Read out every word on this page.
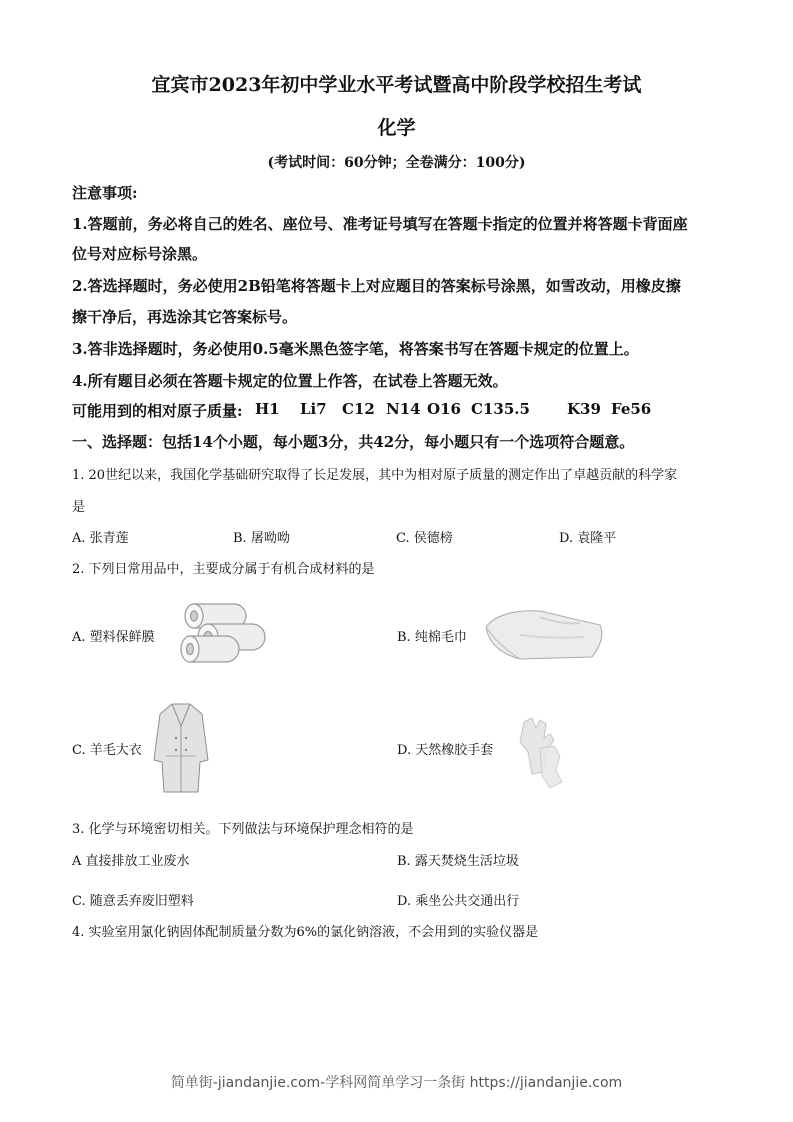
宜宾市2023年初中学业水平考试暨高中阶段学校招生考试
化学
(考试时间：60分钟；全卷满分：100分)
注意事项:
1.答题前，务必将自己的姓名、座位号、准考证号填写在答题卡指定的位置并将答题卡背面座
位号对应标号涂黑。
2.答选择题时，务必使用2B铅笔将答题卡上对应题目的答案标号涂黑，如雪改动，用橡皮擦
擦干净后，再选涂其它答案标号。
3.答非选择题时，务必使用0.5毫米黑色签字笔，将答案书写在答题卡规定的位置上。
4.所有题目必须在答题卡规定的位置上作答，在试卷上答题无效。
可能用到的相对原子质量: H1 Li7 C12 N14 O16 C135.5 K39 Fe56
一、选择题：包括14个小题，每小题3分，共42分，每小题只有一个选项符合题意。
1. 20世纪以来，我国化学基础研究取得了长足发展，其中为相对原子质量的测定作出了卓越贡献的科学家
是
A. 张青莲	B. 屠呦呦	C. 侯德榜	D. 袁隆平
2. 下列日常用品中，主要成分属于有机合成材料的是
A. 塑料保鲜膜	B. 纯棉毛巾
C. 羊毛大衣	D. 天然橡胶手套
3. 化学与环境密切相关。下列做法与环境保护理念相符的是
A 直接排放工业废水	B. 露天焚烧生活垃圾
C. 随意丢弃废旧塑料	D. 乘坐公共交通出行
4. 实验室用氯化钠固体配制质量分数为6%的氯化钠溶液，不会用到的实验仪器是
简单街-jiandanjie.com-学科网简单学习一条街 https://jiandanjie.com
